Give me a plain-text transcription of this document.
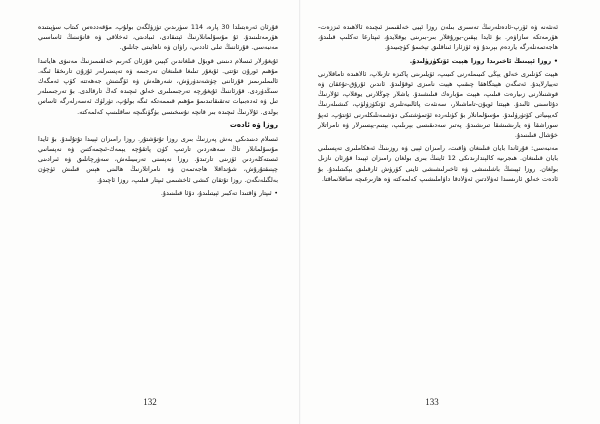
قۇرئان ئەرەبتىلدا 30 پارە، 114 سۈرىدىن تۈزۈلگەن بولۇپ، مۇقەددەس كىتاب سۈپىتىدە ھۆرمەتلىنىدۇ. ئۇ مۇسۇلمانلارنىڭ ئېتىقادى، ئىبادىتى، ئەخلاقى ۋە قانۇنىنىڭ ئاساسىي مەنبەسى. قۇرئاننىڭ تىلى ئاددىي، راۋان ۋە ناھايىتى جانلىق.

ئۇيغۇرلار ئىسلام دىنىنى قوبۇل قىلغاندىن كېيىن قۇرئان كەرىم خەلقىمىزنىڭ مەنىۋى ھاياتىدا مۇھىم ئورۇن تۇتتى. ئۇيغۇر تىلىغا قىلىنغان تەرجىمە ۋە تەپسىرلەر ئۇزۇن تارىخقا ئىگە. ئالىملىرىمىز قۇرئاننى چۈشەندۈرۈش، شەرھلەش ۋە ئۆگىتىش جەھەتتە كۆپ ئەمگەك سىڭدۈردى. قۇرئاننىڭ ئۇيغۇرچە تەرجىمىلىرى خەلق ئىچىدە كەڭ تارقالدى. بۇ تەرجىمىلەر تىل ۋە ئەدەبىيات تەتقىقاتىدىمۇ مۇھىم قىممەتكە ئىگە بولۇپ، تۈرلۈك ئەسەرلەرگە ئاساس بولدى. ئۇلارنىڭ ئىچىدە بىر قانچە نۇسخىسى بۈگۈنگىچە ساقلىنىپ كەلمەكتە.

روزا ۋە ئادەت

ئىسلام دىنىدىكى بەش پەرزنىڭ بىرى روزا تۇتۇشتۇر. روزا رامىزان ئېيىدا تۇتۇلىدۇ. بۇ ئايدا مۇسۇلمانلار تاڭ سەھەردىن تارتىپ كۈن پاتقۇچە يېمەك-ئىچمەكتىن ۋە نەپسانىي ئىستەكلەردىن ئۆزىنى تارتىدۇ. روزا نەپسنى تەربىيىلەش، سەۋرچانلىق ۋە ئىرادىنى چېنىقتۇرۇش، شۇنداقلا ھاجەتمەن ۋە نامراتلارنىڭ ھالىنى ھېس قىلىش ئۈچۈن بەلگىلەنگەن. روزا تۇتقان كىشى ئاخشىمى ئىپتار قىلىپ، روزا ئاچىدۇ.

• ئىپتار ۋاقتىدا تەكبىر ئېيتىلىدۇ، دۇئا قىلىنىدۇ.

ئەنئەنە ۋە ئۆرپ-ئادەتلەرنىڭ تەسىرى بىلەن روزا ئېيى خەلقىمىز ئىچىدە ئالاھىدە ئىززەت-ھۆرمەتكە سازاۋەر. بۇ ئايدا يېقىن-يورۇقلار بىر-بىرىنى يوقلايدۇ، ئىپتارغا تەكلىپ قىلىدۇ، ھاجەتمەنلەرگە ياردەم بېرىدۇ ۋە ئۆزئارا ئىناقلىق تېخىمۇ كۈچىيىدۇ.

• روزا ئېيىنىڭ ئاخىرىدا روزا ھېيت ئۆتكۈزۈلىدۇ.

ھېيت كۈنلىرى خەلق يېڭى كىيىملەرنى كىيىپ، ئۆيلىرىنى پاكىزە تازىلاپ، ئالاھىدە تاماقلارنى تەييارلايدۇ. ئەتىگەن ھېيتگاھقا چىقىپ ھېيت نامىزى ئوقۇلىدۇ. ئاندىن ئۇرۇق-تۇغقان ۋە قوشنىلارنى زىيارەت قىلىپ، ھېيت مۇبارەك قىلىشىدۇ. ياشلار چوڭلارنى يوقلاپ، ئۇلارنىڭ دۇئاسىنى ئالىدۇ. ھېيتتا ئويۇن-تاماشىلار، سەنئەت پائالىيەتلىرى ئۆتكۈزۈلۈپ، كىشىلەرنىڭ كەيپىياتى كۆتۈرۈلىدۇ. مۇسۇلمانلار بۇ كۈنلەردە ئۆتمۈشتىكى دۈشمەنلىكلەرنى ئۇنتۇپ، ئەپۇ سوراشقا ۋە يارىشىشقا تىرىشىدۇ. پەتىر سەدىقىسى بېرىلىپ، يېتىم-يېسىرلار ۋە نامراتلار خۇشال قىلىنىدۇ.

مەنبەسى: قۇرئاندا بايان قىلىنغان ۋاقىت، رامىزان ئېيى ۋە روزىنىڭ ئەھكاملىرى تەپسىلىي بايان قىلىنغان. ھىجرىيە كالېندارىدىكى 12 ئاينىڭ بىرى بولغان رامىزان ئېيىدا قۇرئان نازىل بولغان. روزا ئېيىنىڭ باشلىنىشى ۋە ئاخىرلىشىشى ئاينى كۆرۈش ئارقىلىق بېكىتىلىدۇ. بۇ ئادەت خەلق ئارىسىدا ئەۋلادتىن ئەۋلادقا داۋاملىشىپ كەلمەكتە ۋە ھازىرغىچە ساقلانماقتا.

132	133
